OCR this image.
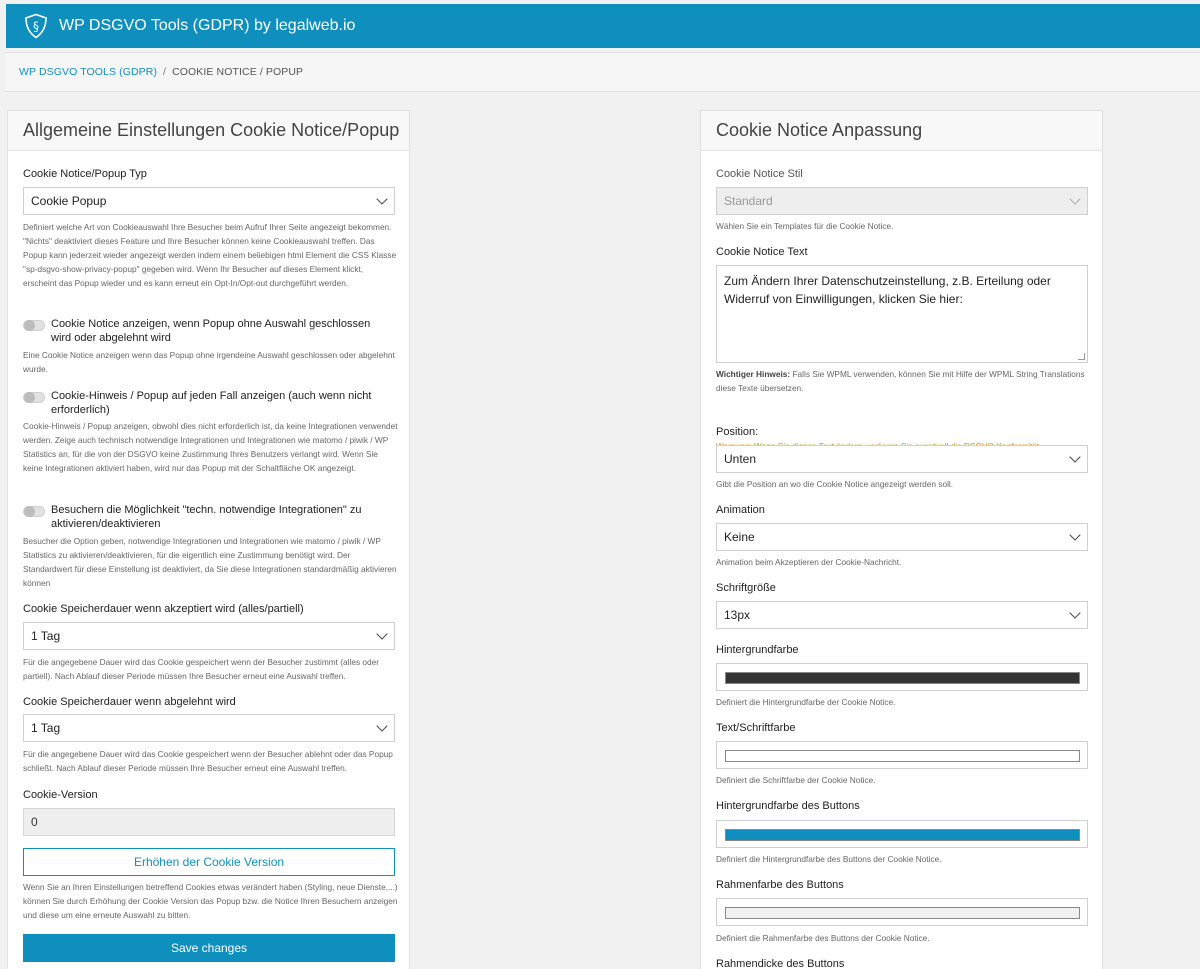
§ WP DSGVO Tools (GDPR) by legalweb.io
WP DSGVO TOOLS (GDPR) / COOKIE NOTICE / POPUP
Allgemeine Einstellungen Cookie Notice/Popup
Cookie Notice/Popup Typ
Cookie Popup
Definiert welche Art von Cookieauswahl Ihre Besucher beim Aufruf Ihrer Seite angezeigt bekommen. "Nichts" deaktiviert dieses Feature und Ihre Besucher können keine Cookieauswahl treffen. Das Popup kann jederzeit wieder angezeigt werden indem einem beliebigen html Element die CSS Klasse "sp-dsgvo-show-privacy-popup" gegeben wird. Wenn Ihr Besucher auf dieses Element klickt, erscheint das Popup wieder und es kann erneut ein Opt-In/Opt-out durchgeführt werden.
Cookie Notice anzeigen, wenn Popup ohne Auswahl geschlossen wird oder abgelehnt wird
Eine Cookie Notice anzeigen wenn das Popup ohne irgendeine Auswahl geschlossen oder abgelehnt wurde.
Cookie-Hinweis / Popup auf jeden Fall anzeigen (auch wenn nicht erforderlich)
Cookie-Hinweis / Popup anzeigen, obwohl dies nicht erforderlich ist, da keine Integrationen verwendet werden. Zeige auch technisch notwendige Integrationen und Integrationen wie matomo / piwik / WP Statistics an, für die von der DSGVO keine Zustimmung Ihres Benutzers verlangt wird. Wenn Sie keine Integrationen aktiviert haben, wird nur das Popup mit der Schaltfläche OK angezeigt.
Besuchern die Möglichkeit "techn. notwendige Integrationen" zu aktivieren/deaktivieren
Besucher die Option geben, notwendige Integrationen und Integrationen wie matomo / piwik / WP Statistics zu aktivieren/deaktivieren, für die eigentlich eine Zustimmung benötigt wird. Der Standardwert für diese Einstellung ist deaktiviert, da Sie diese Integrationen standardmäßig aktivieren können
Cookie Speicherdauer wenn akzeptiert wird (alles/partiell)
1 Tag
Für die angegebene Dauer wird das Cookie gespeichert wenn der Besucher zustimmt (alles oder partiell). Nach Ablauf dieser Periode müssen Ihre Besucher erneut eine Auswahl treffen.
Cookie Speicherdauer wenn abgelehnt wird
1 Tag
Für die angegebene Dauer wird das Cookie gespeichert wenn der Besucher ablehnt oder das Popup schließt. Nach Ablauf dieser Periode müssen Ihre Besucher erneut eine Auswahl treffen.
Cookie-Version
0
Erhöhen der Cookie Version
Wenn Sie an Ihren Einstellungen betreffend Cookies etwas verändert haben (Styling, neue Dienste,...) können Sie durch Erhöhung der Cookie Version das Popup bzw. die Notice Ihren Besuchern anzeigen und diese um eine erneute Auswahl zu bitten.
Save changes
Cookie Notice Anpassung
Cookie Notice Stil
Standard
Wählen Sie ein Templates für die Cookie Notice.
Cookie Notice Text
Zum Ändern Ihrer Datenschutzeinstellung, z.B. Erteilung oder Widerruf von Einwilligungen, klicken Sie hier:
Wichtiger Hinweis: Falls Sie WPML verwenden, können Sie mit Hilfe der WPML String Translations diese Texte übersetzen.
Position:
Unten
Gibt die Position an wo die Cookie Notice angezeigt werden soll.
Animation
Keine
Animation beim Akzeptieren der Cookie-Nachricht.
Schriftgröße
13px
Hintergrundfarbe
Definiert die Hintergrundfarbe der Cookie Notice.
Text/Schriftfarbe
Definiert die Schriftfarbe der Cookie Notice.
Hintergrundfarbe des Buttons
Definiert die Hintergrundfarbe des Buttons der Cookie Notice.
Rahmenfarbe des Buttons
Definiert die Rahmenfarbe des Buttons der Cookie Notice.
Rahmendicke des Buttons
